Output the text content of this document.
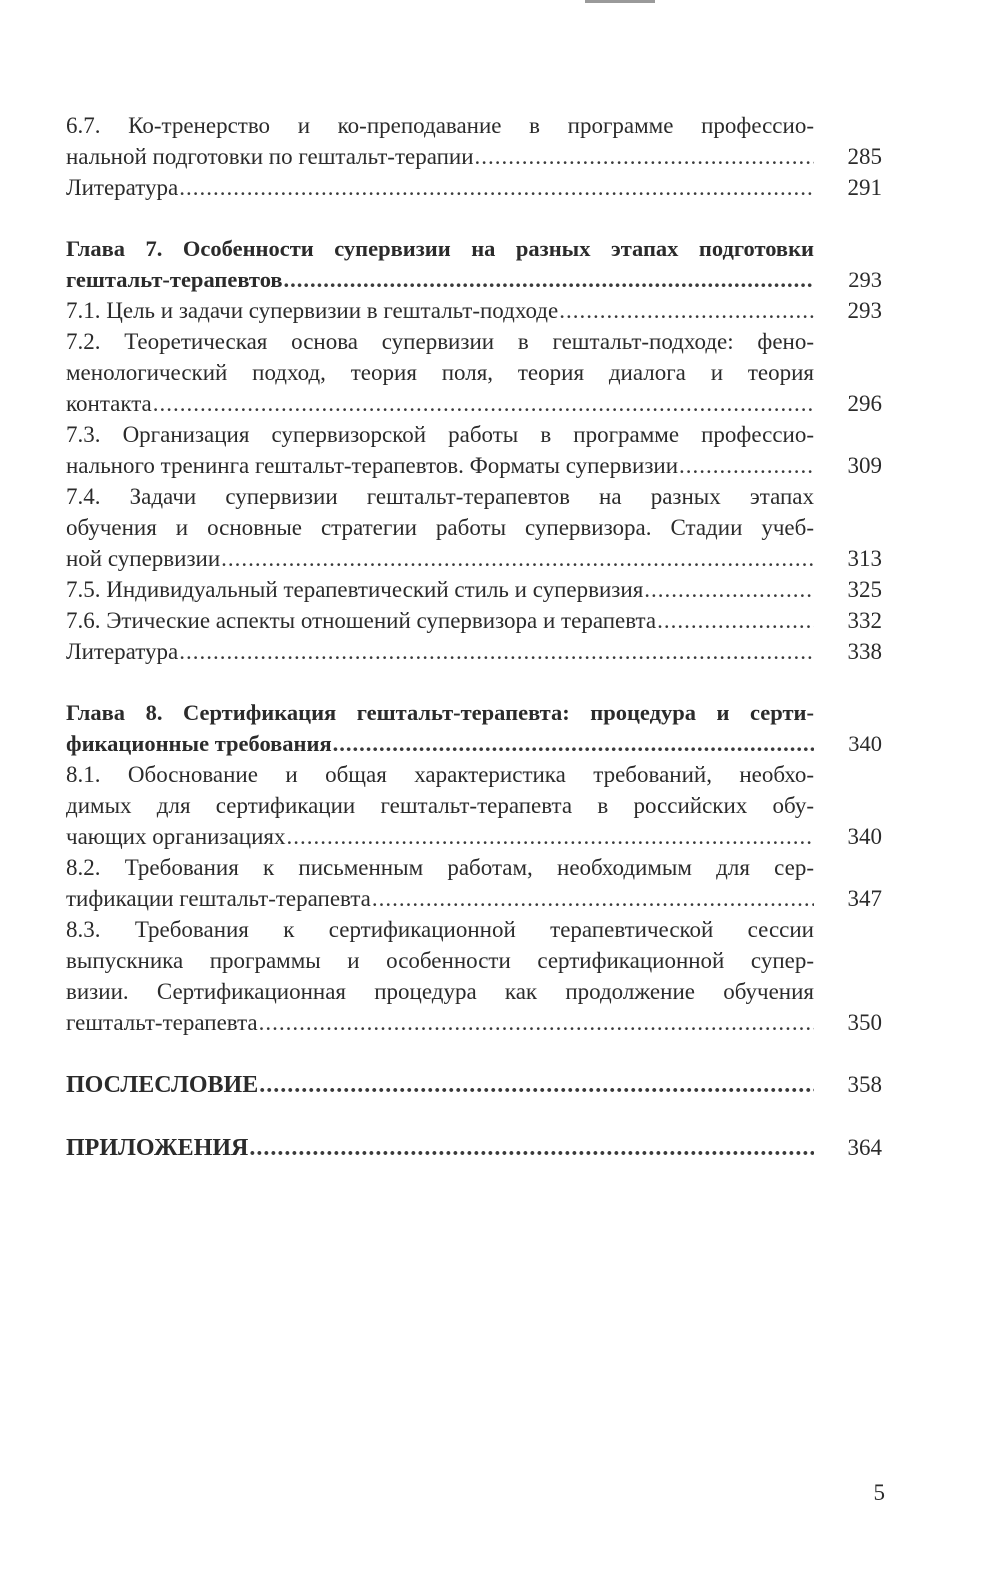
6.7. Ко-тренерство и ко-преподавание в программе профессио-
нальной подготовки по гештальт-терапии .....	285
Литература .....	291
Глава 7. Особенности супервизии на разных этапах подготовки
гештальт-терапевтов .....	293
7.1. Цель и задачи супервизии в гештальт-подходе .....	293
7.2. Теоретическая основа супервизии в гештальт-подходе: фено-
менологический подход, теория поля, теория диалога и теория
контакта .....	296
7.3. Организация супервизорской работы в программе профессио-
нального тренинга гештальт-терапевтов. Форматы супервизии .....	309
7.4. Задачи супервизии гештальт-терапевтов на разных этапах
обучения и основные стратегии работы супервизора. Стадии учеб-
ной супервизии .....	313
7.5. Индивидуальный терапевтический стиль и супервизия .....	325
7.6. Этические аспекты отношений супервизора и терапевта .....	332
Литература .....	338
Глава 8. Сертификация гештальт-терапевта: процедура и серти-
фикационные требования .....	340
8.1. Обоснование и общая характеристика требований, необхо-
димых для сертификации гештальт-терапевта в российских обу-
чающих организациях .....	340
8.2. Требования к письменным работам, необходимым для сер-
тификации гештальт-терапевта .....	347
8.3. Требования к сертификационной терапевтической сессии
выпускника программы и особенности сертификационной супер-
визии. Сертификационная процедура как продолжение обучения
гештальт-терапевта .....	350
ПОСЛЕСЛОВИЕ .....	358
ПРИЛОЖЕНИЯ .....	364
5
